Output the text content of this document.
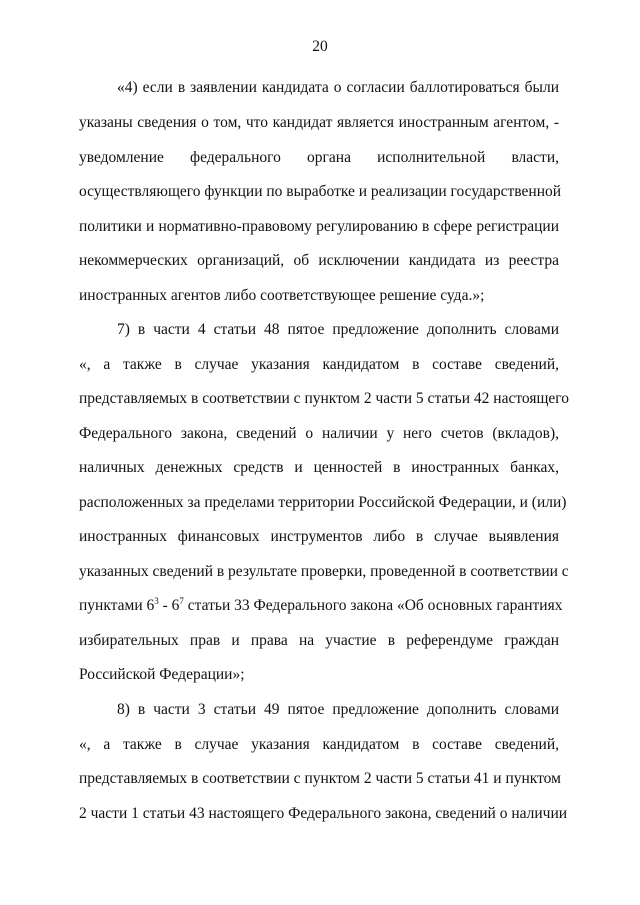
20
«4) если в заявлении кандидата о согласии баллотироваться были
указаны сведения о том, что кандидат является иностранным агентом, -
уведомление федерального органа исполнительной власти,
осуществляющего функции по выработке и реализации государственной
политики и нормативно-правовому регулированию в сфере регистрации
некоммерческих организаций, об исключении кандидата из реестра
иностранных агентов либо соответствующее решение суда.»;
7) в части 4 статьи 48 пятое предложение дополнить словами
«, а также в случае указания кандидатом в составе сведений,
представляемых в соответствии с пунктом 2 части 5 статьи 42 настоящего
Федерального закона, сведений о наличии у него счетов (вкладов),
наличных денежных средств и ценностей в иностранных банках,
расположенных за пределами территории Российской Федерации, и (или)
иностранных финансовых инструментов либо в случае выявления
указанных сведений в результате проверки, проведенной в соответствии с
пунктами $6^3 - 6^7$ статьи 33 Федерального закона «Об основных гарантиях
избирательных прав и права на участие в референдуме граждан
Российской Федерации»;
8) в части 3 статьи 49 пятое предложение дополнить словами
«, а также в случае указания кандидатом в составе сведений,
представляемых в соответствии с пунктом 2 части 5 статьи 41 и пунктом
2 части 1 статьи 43 настоящего Федерального закона, сведений о наличии
